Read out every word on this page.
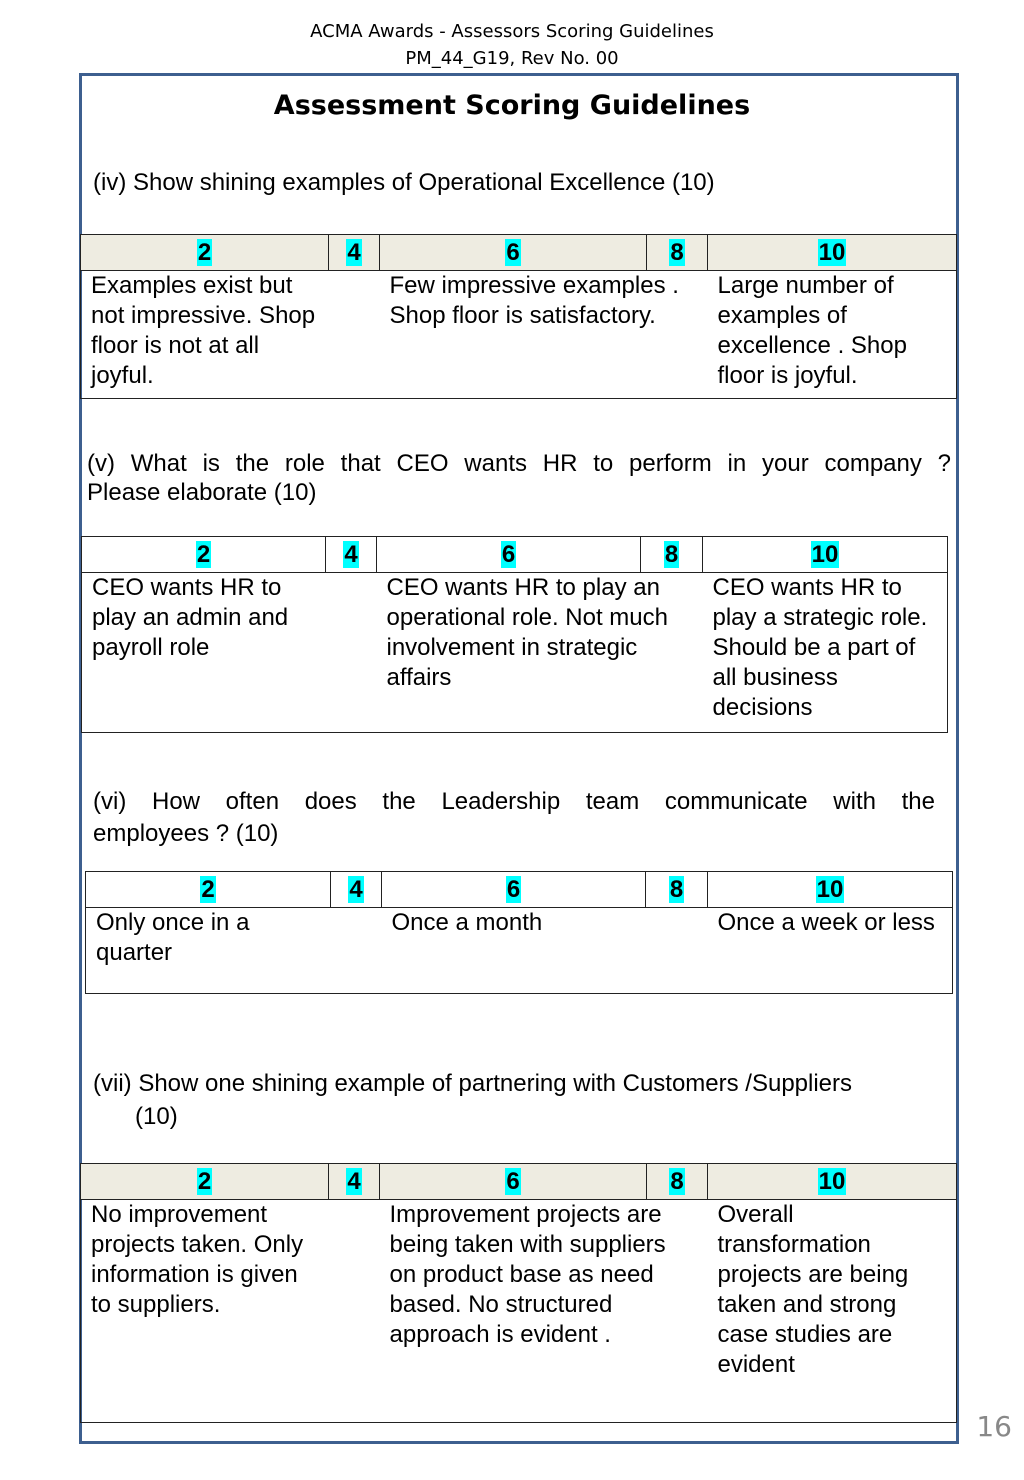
ACMA Awards - Assessors Scoring Guidelines
PM_44_G19, Rev No. 00
Assessment Scoring Guidelines
(iv) Show shining examples of Operational Excellence (10)
2	4	6	8	10
Examples exist but not impressive. Shop floor is not at all joyful.		Few impressive examples . Shop floor is satisfactory.		Large number of examples of excellence . Shop floor is joyful.
(v) What is the role that CEO wants HR to perform in your company ?
Please elaborate (10)
2	4	6	8	10
CEO wants HR to play an admin and payroll role		CEO wants HR to play an operational role. Not much involvement in strategic affairs		CEO wants HR to play a strategic role. Should be a part of all business decisions
(vi) How often does the Leadership team communicate with the
employees ? (10)
2	4	6	8	10
Only once in a quarter		Once a month		Once a week or less
(vii) Show one shining example of partnering with Customers /Suppliers
(10)
2	4	6	8	10
No improvement projects taken. Only information is given to suppliers.		Improvement projects are being taken with suppliers on product base as need based. No structured approach is evident .		Overall transformation projects are being taken and strong case studies are evident
16
